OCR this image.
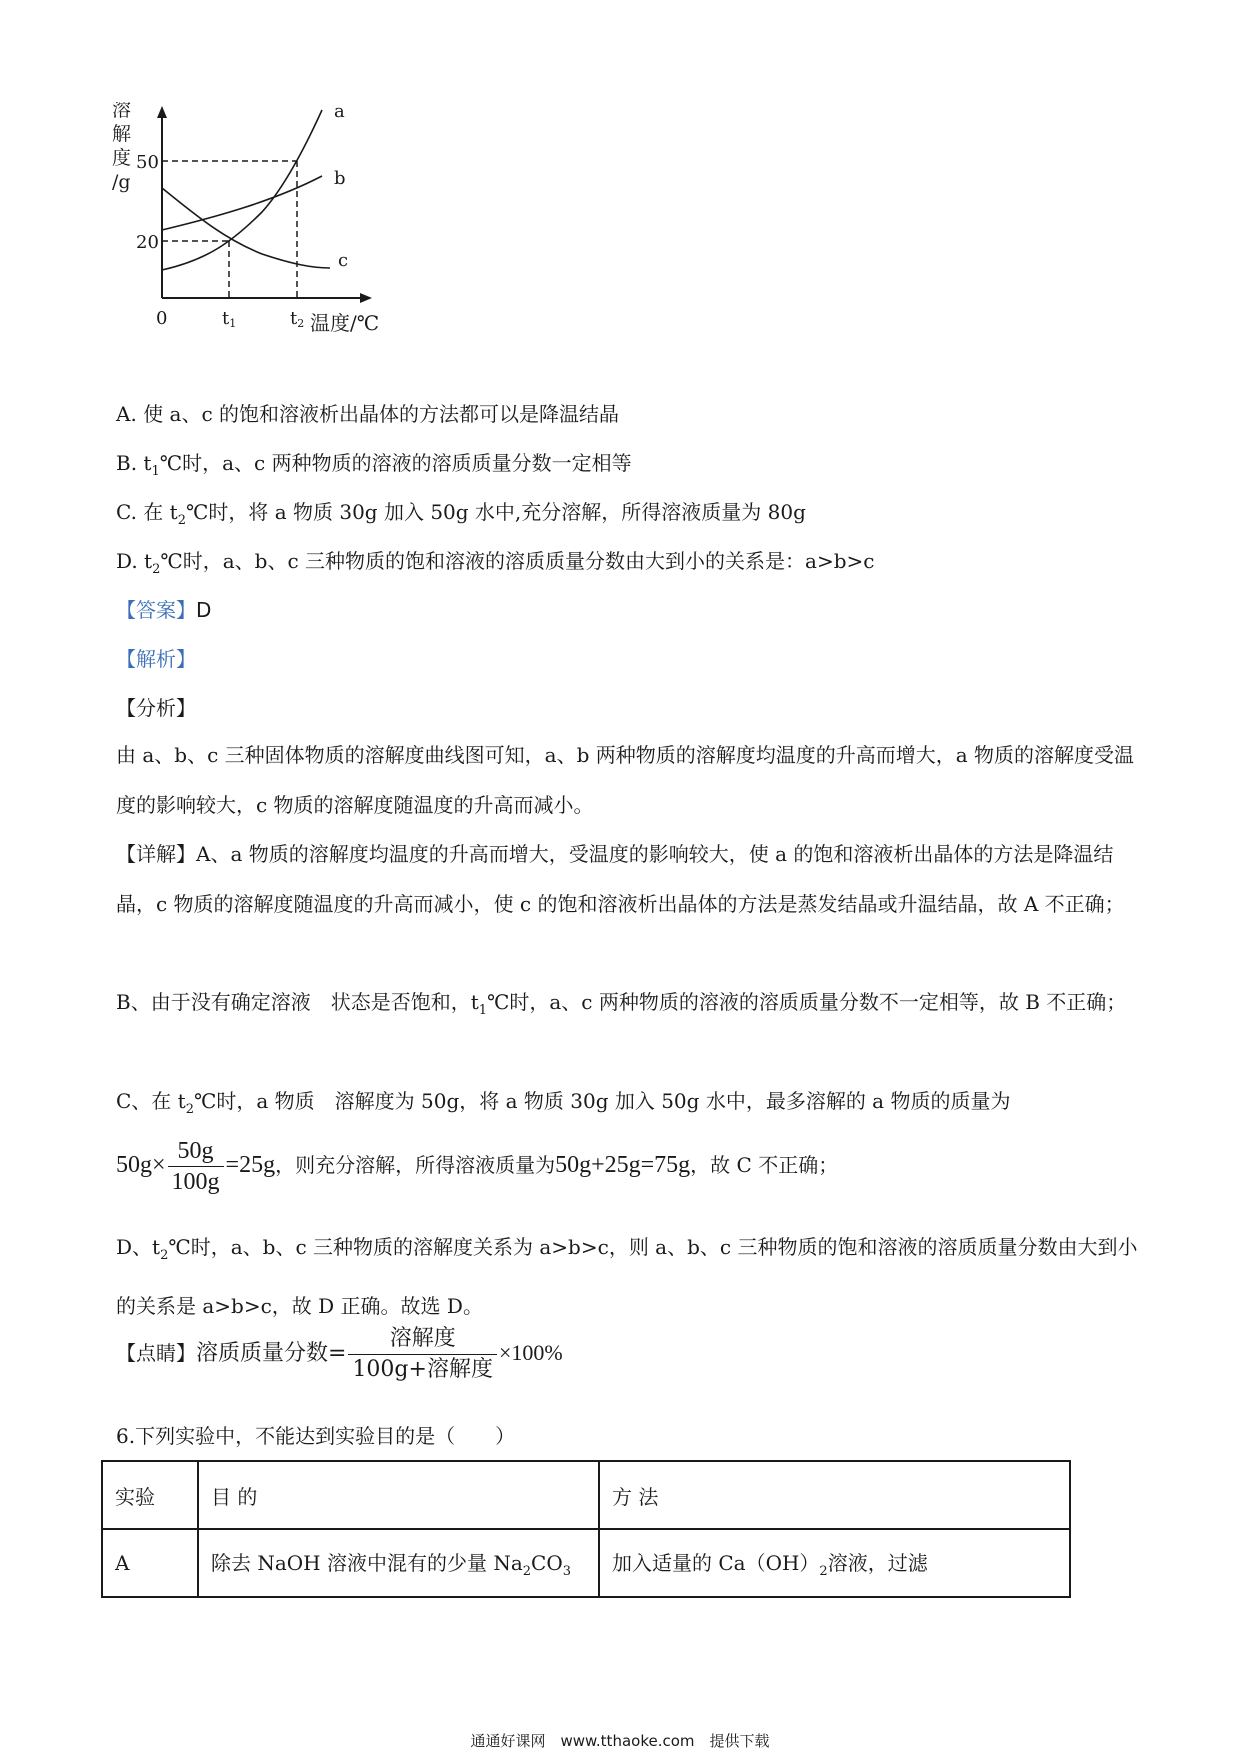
a
b
c
溶
解
度
/g
50
20
0	t1	t2 温度/℃
A. 使 a、c 的饱和溶液析出晶体的方法都可以是降温结晶
B. $t_1℃$时，a、c 两种物质的溶液的溶质质量分数一定相等
C. 在 $t_2℃$时，将 a 物质 30g 加入 50g 水中,充分溶解，所得溶液质量为 80g
D. $t_2℃$时，a、b、c 三种物质的饱和溶液的溶质质量分数由大到小的关系是：a>b>c
【答案】D
【解析】
【分析】
由 a、b、c 三种固体物质的溶解度曲线图可知，a、b 两种物质的溶解度均温度的升高而增大，a 物质的溶解度受温度的影响较大，c 物质的溶解度随温度的升高而减小。
【详解】A、a 物质的溶解度均温度的升高而增大，受温度的影响较大，使 a 的饱和溶液析出晶体的方法是降温结晶，c 物质的溶解度随温度的升高而减小，使 c 的饱和溶液析出晶体的方法是蒸发结晶或升温结晶，故 A 不正确；
B、由于没有确定溶液　状态是否饱和，$t_1℃$时，a、c 两种物质的溶液的溶质质量分数不一定相等，故 B 不正确；
C、在 $t_2℃$时，a 物质　溶解度为 50g，将 a 物质 30g 加入 50g 水中，最多溶解的 a 物质的质量为
$50g\times \frac{50g}{100g} =25g$，则充分溶解，所得溶液质量为50g+25g=75g，故 C 不正确；
D、$t_2℃$时，a、b、c 三种物质的溶解度关系为 a>b>c，则 a、b、c 三种物质的饱和溶液的溶质质量分数由大到小的关系是 a>b>c，故 D 正确。故选 D。
【点睛】溶质质量分数= $\frac{\text{溶解度}}{\text{100g+溶解度}} \times 100\%$
6.下列实验中，不能达到实验目的是（　　）
实验	目 的	方 法
A	除去 NaOH 溶液中混有的少量 $Na_2CO_3$	加入适量的 $Ca(OH)_2$溶液，过滤
通通好课网　www.tthaoke.com　提供下载
